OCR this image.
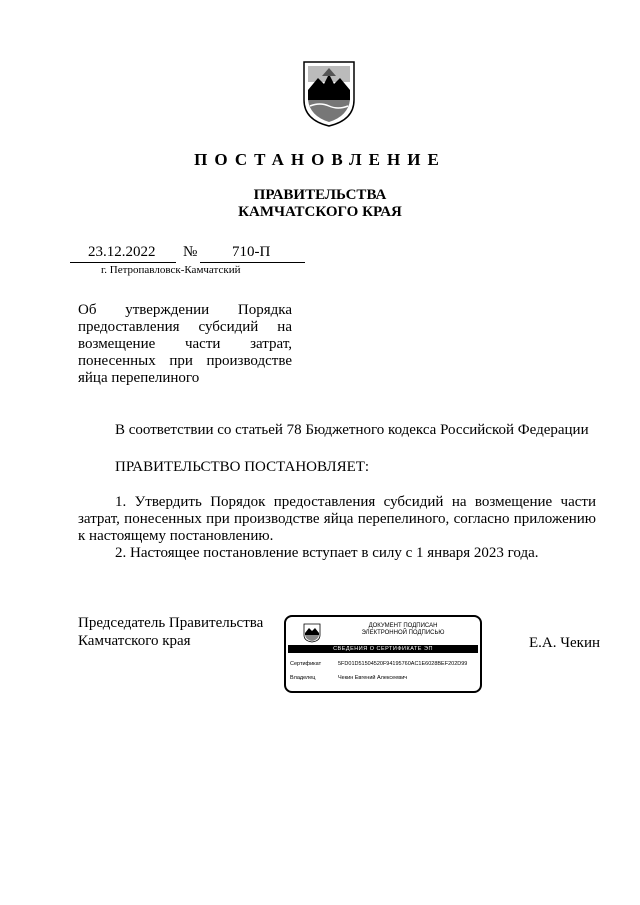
ПОСТАНОВЛЕНИЕ
ПРАВИТЕЛЬСТВА
КАМЧАТСКОГО КРАЯ
23.12.2022 № 710-П
г. Петропавловск-Камчатский
Об утверждении Порядка предоставления субсидий на возмещение части затрат, понесенных при производстве яйца перепелиного
В соответствии со статьей 78 Бюджетного кодекса Российской Федерации
ПРАВИТЕЛЬСТВО ПОСТАНОВЛЯЕТ:
1. Утвердить Порядок предоставления субсидий на возмещение части затрат, понесенных при производстве яйца перепелиного, согласно приложению к настоящему постановлению.
2. Настоящее постановление вступает в силу с 1 января 2023 года.
Председатель Правительства
Камчатского края
ДОКУМЕНТ ПОДПИСАН
ЭЛЕКТРОННОЙ ПОДПИСЬЮ
СВЕДЕНИЯ О СЕРТИФИКАТЕ ЭП
Сертификат	5FD01D51504520F94195760AC1E6028BEF202D99
Владелец	Чекин Евгений Алексеевич
Е.А. Чекин
